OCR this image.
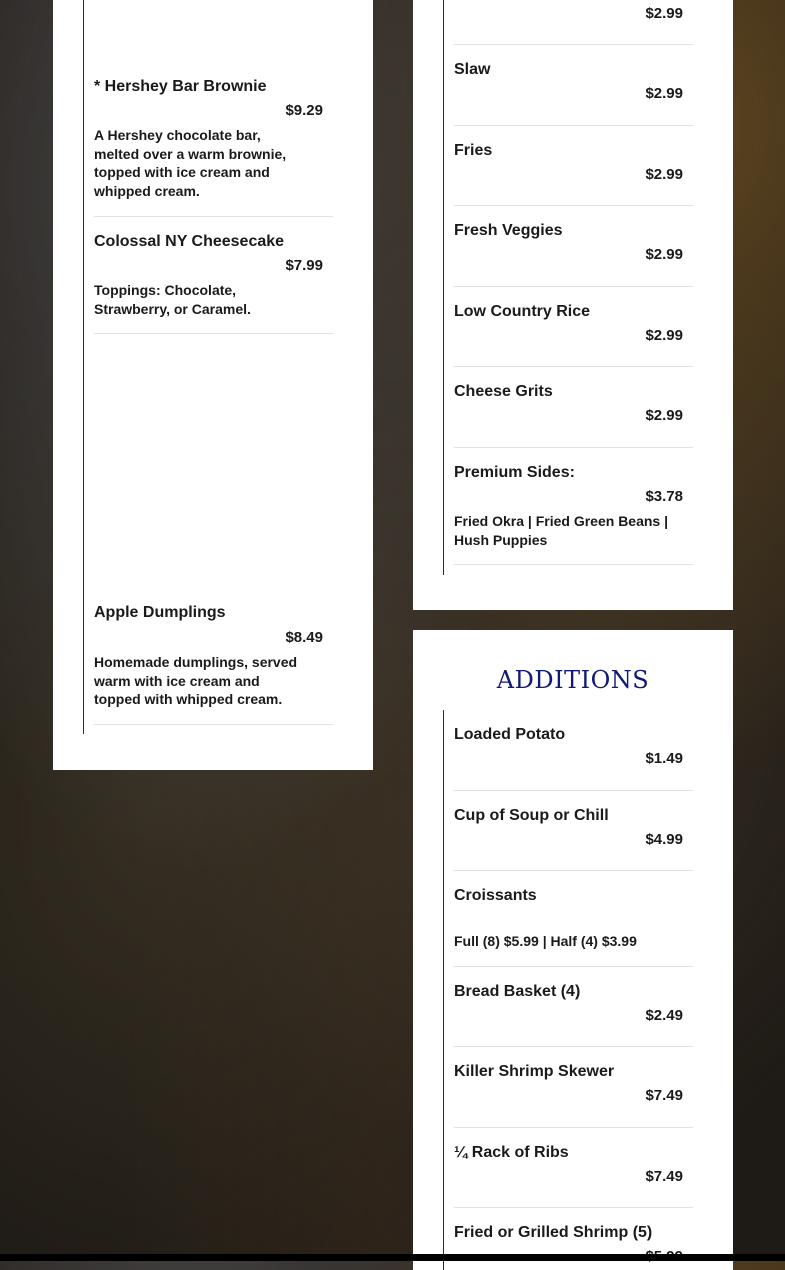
* Hershey Bar Brownie
$9.29
A Hershey chocolate bar, melted over a warm brownie, topped with ice cream and whipped cream.
Colossal NY Cheesecake
$7.99
Toppings: Chocolate, Strawberry, or Caramel.
Apple Dumplings
$8.49
Homemade dumplings, served warm with ice cream and topped with whipped cream.
$2.99
Slaw
$2.99
Fries
$2.99
Fresh Veggies
$2.99
Low Country Rice
$2.99
Cheese Grits
$2.99
Premium Sides:
$3.78
Fried Okra | Fried Green Beans | Hush Puppies
ADDITIONS
Loaded Potato
$1.49
Cup of Soup or Chill
$4.99
Croissants
Full (8) $5.99 | Half (4) $3.99
Bread Basket (4)
$2.49
Killer Shrimp Skewer
$7.49
¼ Rack of Ribs
$7.49
Fried or Grilled Shrimp (5)
